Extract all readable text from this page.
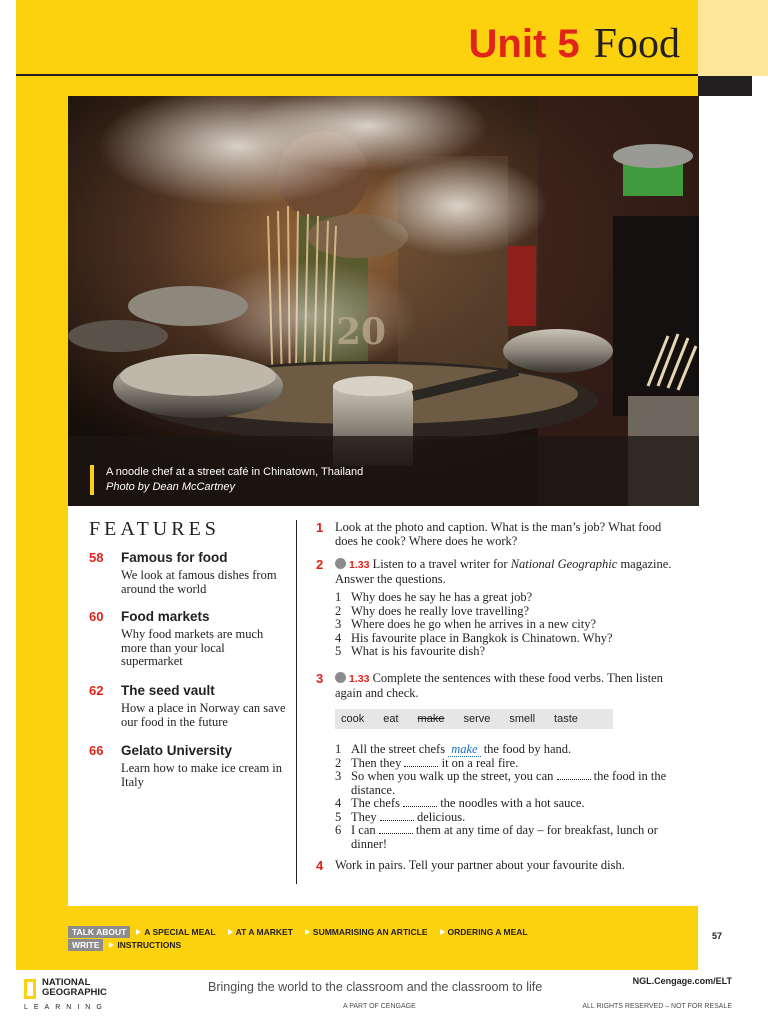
Unit 5 Food
20
A noodle chef at a street café in Chinatown, Thailand
Photo by Dean McCartney
FEATURES
58	Famous for food
We look at famous dishes from around the world
60	Food markets
Why food markets are much more than your local supermarket
62	The seed vault
How a place in Norway can save our food in the future
66	Gelato University
Learn how to make ice cream in Italy
1 Look at the photo and caption. What is the man’s job? What food does he cook? Where does he work?
2	1.33 Listen to a travel writer for National Geographic magazine. Answer the questions.
1 Why does he say he has a great job?
2 Why does he really love travelling?
3 Where does he go when he arrives in a new city?
4 His favourite place in Bangkok is Chinatown. Why?
5 What is his favourite dish?
3	1.33 Complete the sentences with these food verbs. Then listen again and check.
cook eat make serve smell taste
1 All the street chefs make the food by hand.
2 Then they	it on a real fire.
3 So when you walk up the street, you can	the food in the distance.
4 The chefs	the noodles with a hot sauce.
5 They	delicious.
6 I can	them at any time of day – for breakfast, lunch or dinner!
4 Work in pairs. Tell your partner about your favourite dish.
TALK ABOUT	A SPECIAL MEAL AT A MARKET SUMMARISING AN ARTICLE ORDERING A MEAL
WRITE	INSTRUCTIONS
57
NATIONAL
GEOGRAPHIC
LEARNING
Bringing the world to the classroom and the classroom to life
A PART OF CENGAGE
NGL.Cengage.com/ELT
ALL RIGHTS RESERVED – NOT FOR RESALE
